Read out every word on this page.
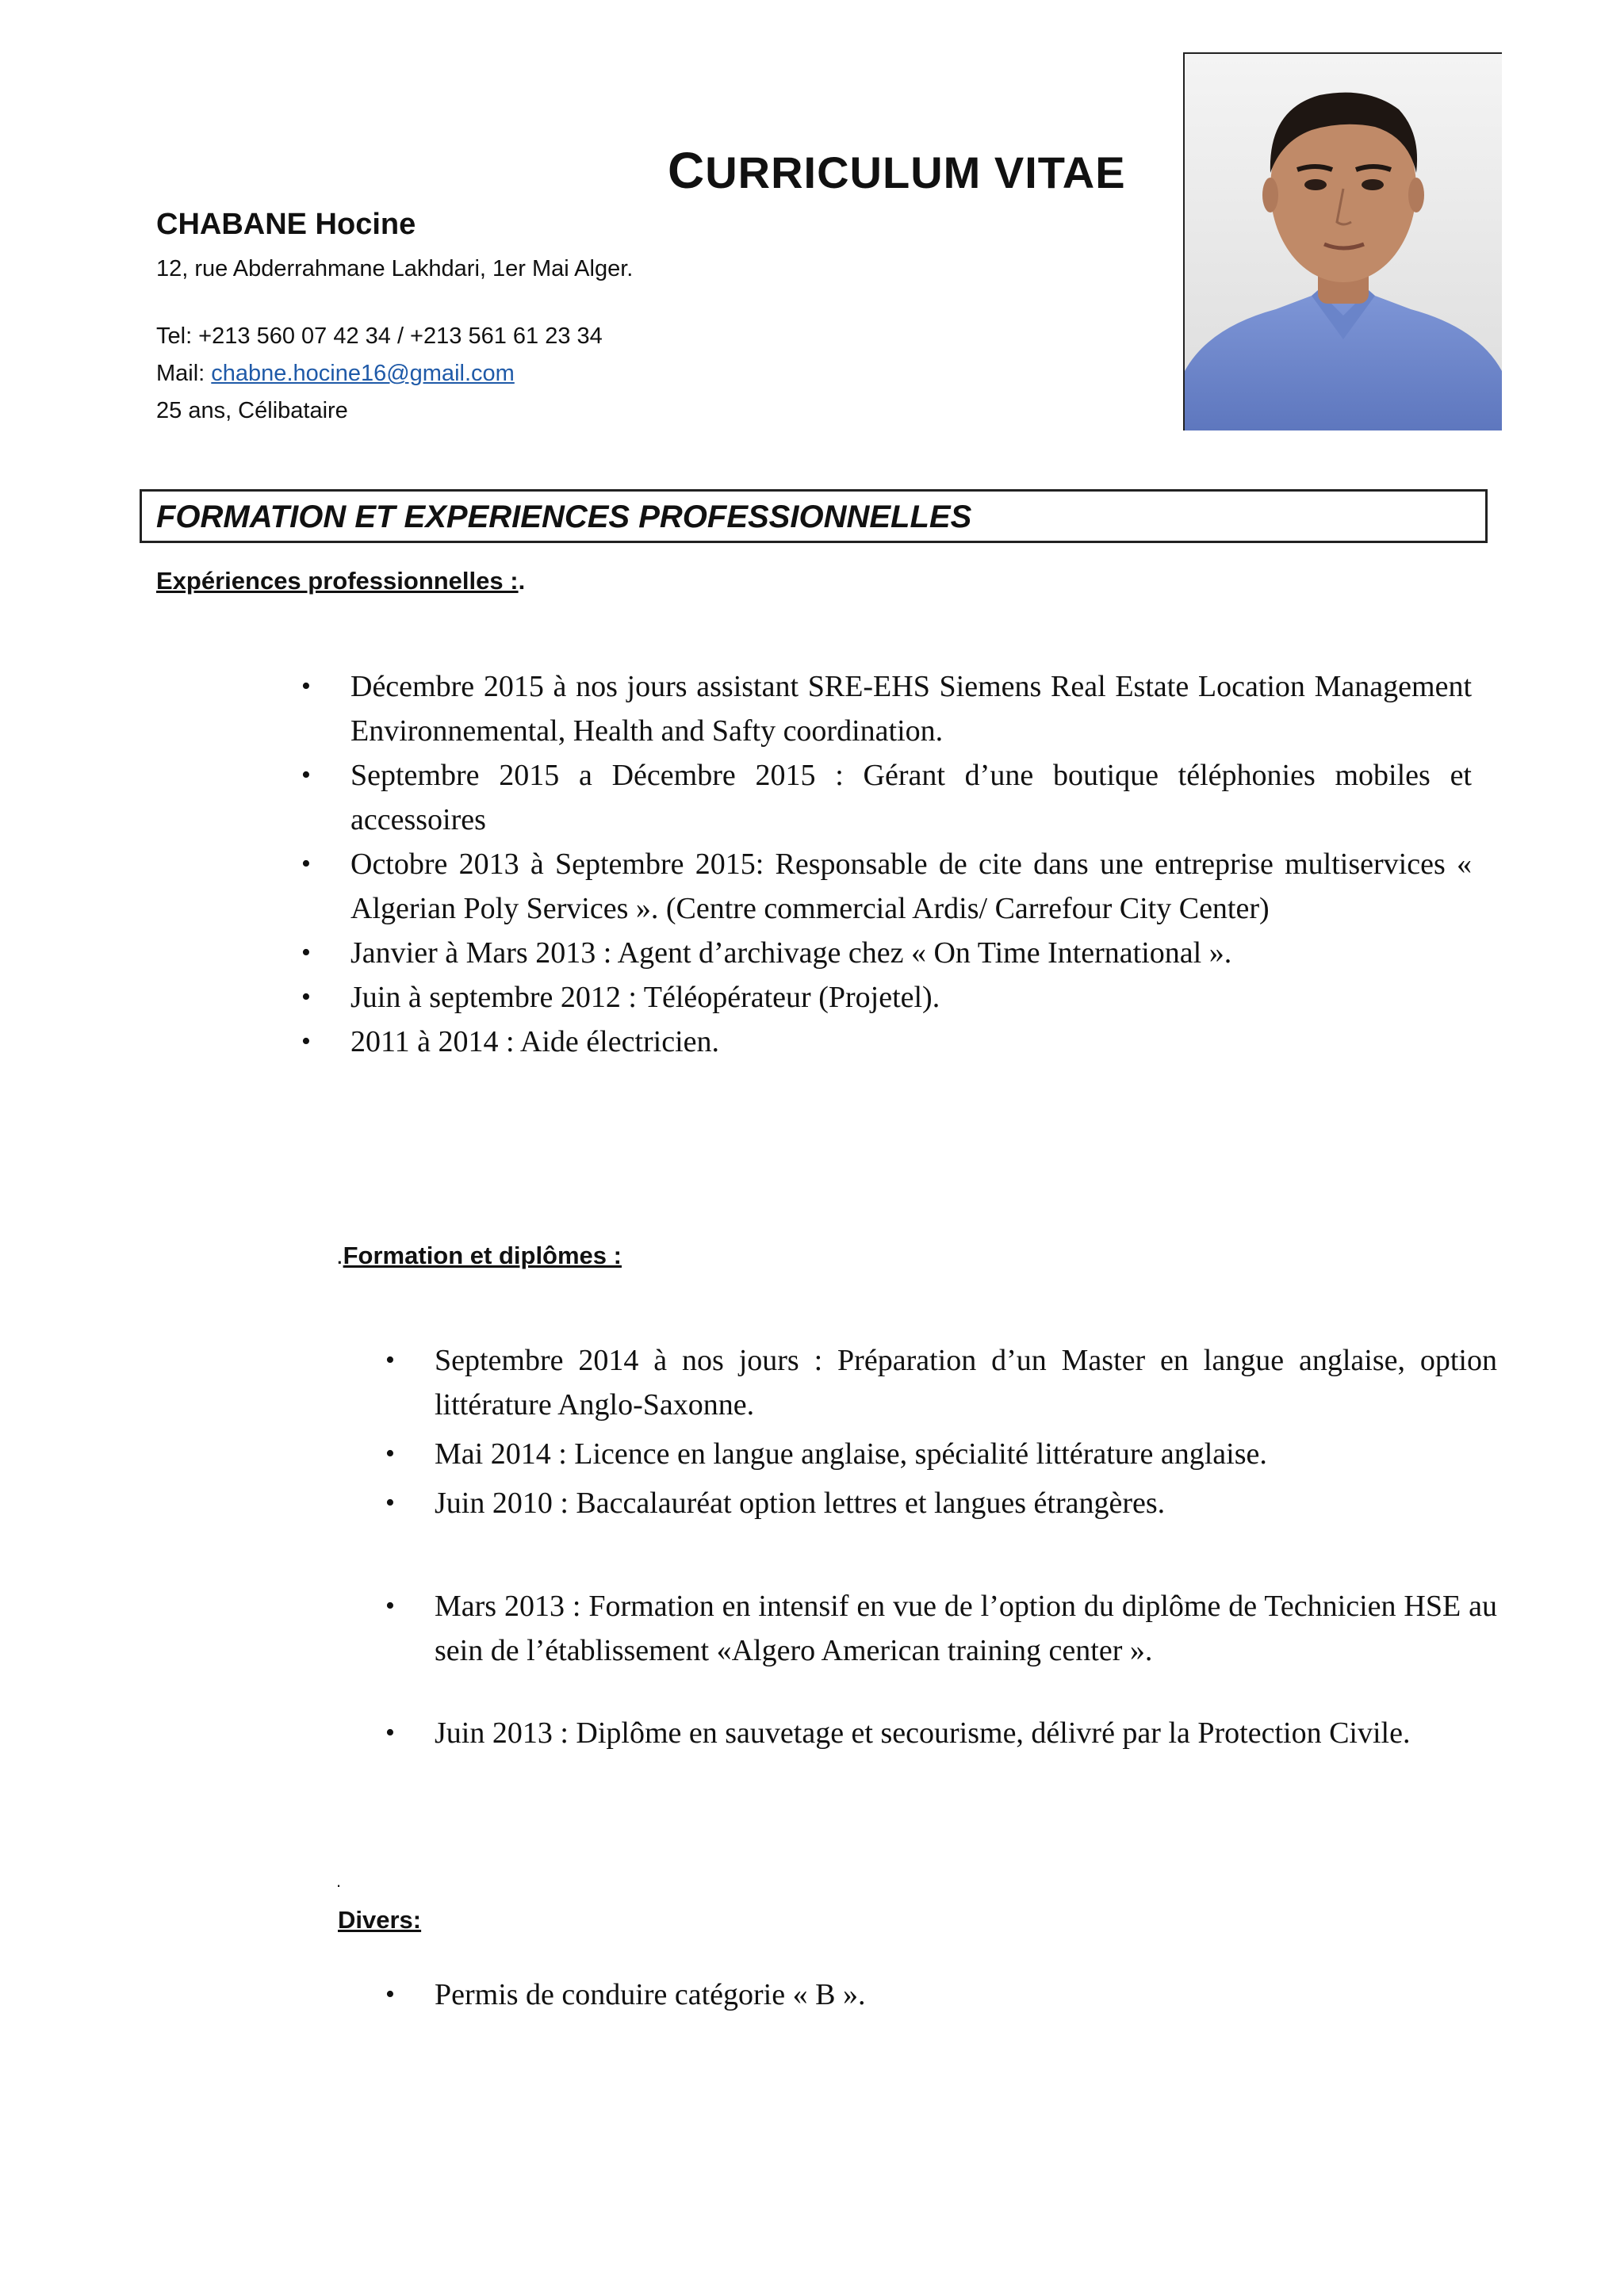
CURRICULUM VITAE
CHABANE Hocine
12, rue Abderrahmane Lakhdari, 1er Mai Alger.
Tel: +213 560 07 42 34 / +213 561 61 23 34
Mail: chabne.hocine16@gmail.com
25 ans, Célibataire
FORMATION ET EXPERIENCES PROFESSIONNELLES
Expériences professionnelles :.
• Décembre 2015 à nos jours assistant SRE-EHS Siemens Real Estate Location Management Environnemental, Health and Safty coordination.
• Septembre 2015 a Décembre 2015 : Gérant d’une boutique téléphonies mobiles et accessoires
• Octobre 2013 à Septembre 2015: Responsable de cite dans une entreprise multiservices « Algerian Poly Services ». (Centre commercial Ardis/ Carrefour City Center)
• Janvier à Mars 2013 : Agent d’archivage chez « On Time International ».
• Juin à septembre 2012 : Téléopérateur (Projetel).
• 2011 à 2014 : Aide électricien.
.Formation et diplômes :
• Septembre 2014 à nos jours : Préparation d’un Master en langue anglaise, option littérature Anglo-Saxonne.
• Mai 2014 : Licence en langue anglaise, spécialité littérature anglaise.
• Juin 2010 : Baccalauréat option lettres et langues étrangères.
• Mars 2013 : Formation en intensif en vue de l’option du diplôme de Technicien HSE au sein de l’établissement «Algero American training center ».
• Juin 2013 : Diplôme en sauvetage et secourisme, délivré par la Protection Civile.
.
Divers:
• Permis de conduire catégorie « B ».
